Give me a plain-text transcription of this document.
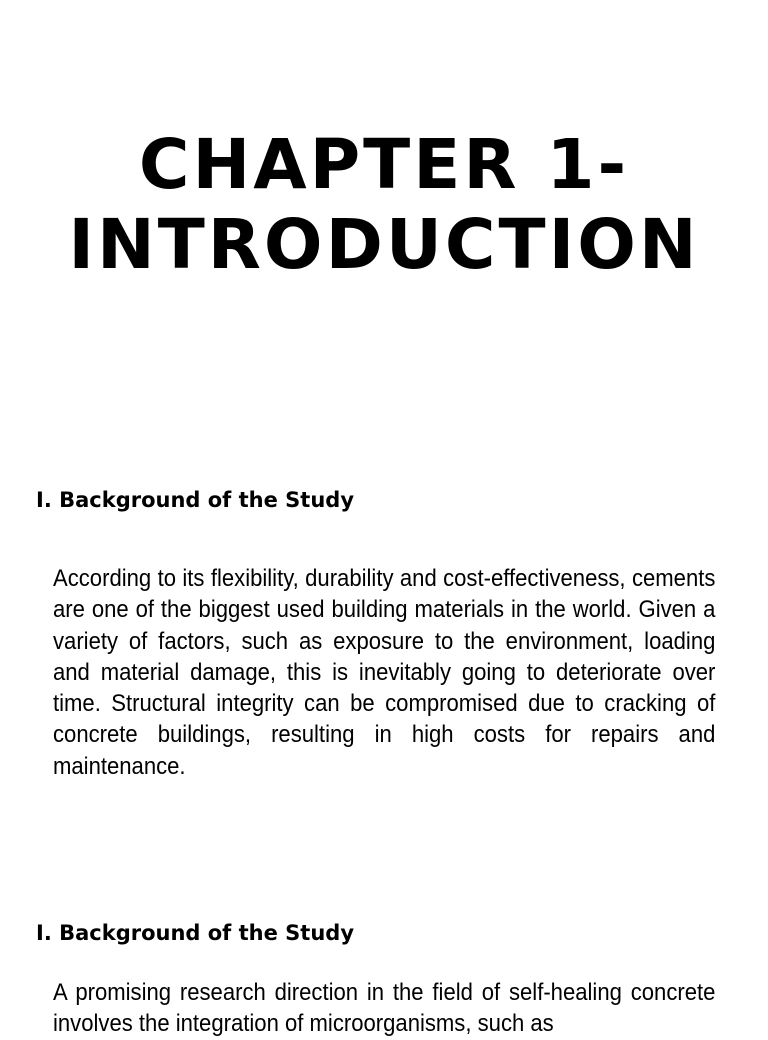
CHAPTER 1-
INTRODUCTION
I. Background of the Study

According to its flexibility, durability and cost-effectiveness, cements are one of the biggest used building materials in the world. Given a variety of factors, such as exposure to the environment, loading and material damage, this is inevitably going to deteriorate over time. Structural integrity can be compromised due to cracking of concrete buildings, resulting in high costs for repairs and maintenance.

I. Background of the Study

A promising research direction in the field of self-healing concrete involves the integration of microorganisms, such as
